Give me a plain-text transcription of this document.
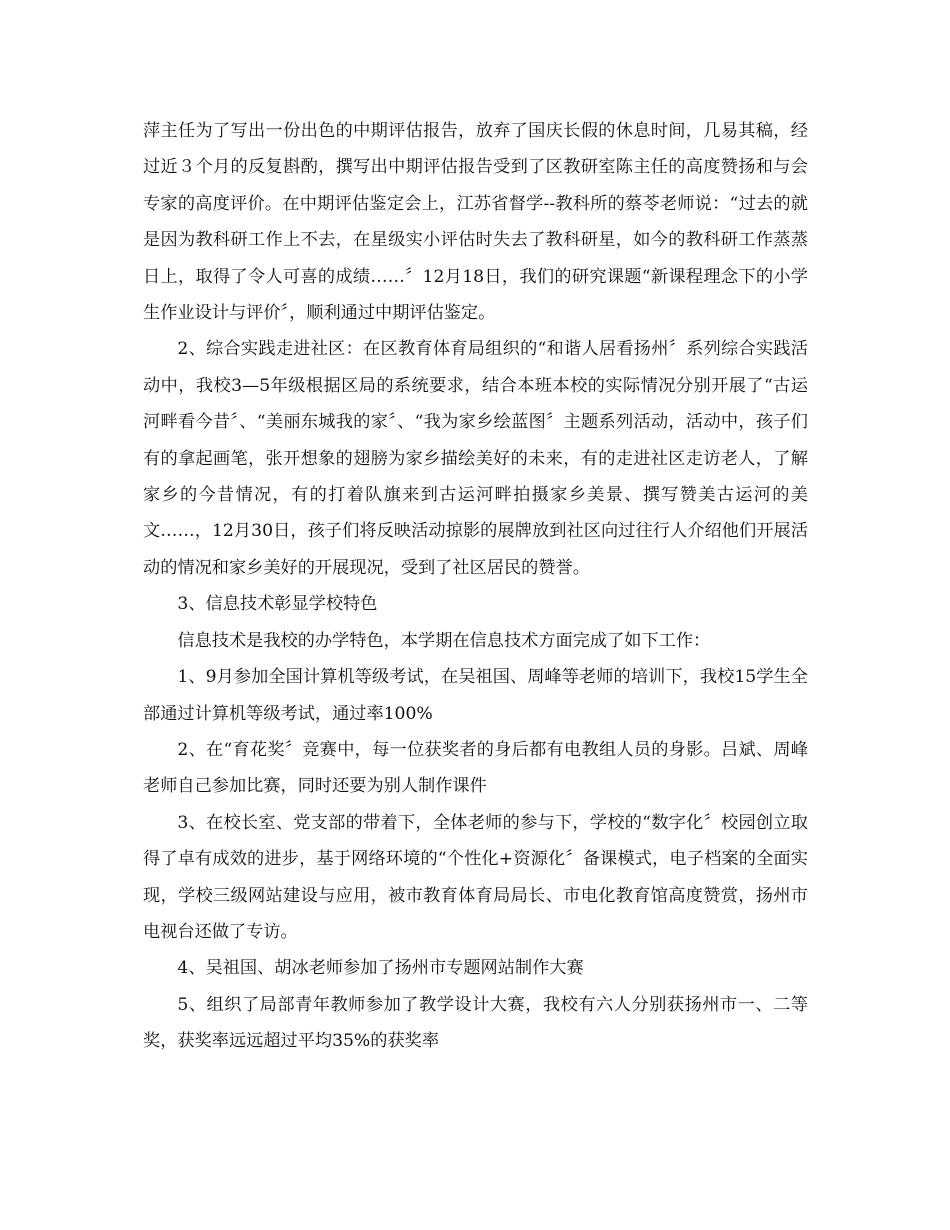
萍主任为了写出一份出色的中期评估报告，放弃了国庆长假的休息时间，几易其稿，经过近３个月的反复斟酌，撰写出中期评估报告受到了区教研室陈主任的高度赞扬和与会专家的高度评价。在中期评估鉴定会上，江苏省督学--教科所的蔡苓老师说：“过去的就是因为教科研工作上不去，在星级实小评估时失去了教科研星，如今的教科研工作蒸蒸日上，取得了令人可喜的成绩……〞12月18日，我们的研究课题“新课程理念下的小学生作业设计与评价〞，顺利通过中期评估鉴定。

2、综合实践走进社区：在区教育体育局组织的“和谐人居看扬州〞系列综合实践活动中，我校3—5年级根据区局的系统要求，结合本班本校的实际情况分别开展了“古运河畔看今昔〞、“美丽东城我的家〞、“我为家乡绘蓝图〞主题系列活动，活动中，孩子们有的拿起画笔，张开想象的翅膀为家乡描绘美好的未来，有的走进社区走访老人，了解家乡的今昔情况，有的打着队旗来到古运河畔拍摄家乡美景、撰写赞美古运河的美文……，12月30日，孩子们将反映活动掠影的展牌放到社区向过往行人介绍他们开展活动的情况和家乡美好的开展现况，受到了社区居民的赞誉。

3、信息技术彰显学校特色

信息技术是我校的办学特色，本学期在信息技术方面完成了如下工作：

1、9月参加全国计算机等级考试，在吴祖国、周峰等老师的培训下，我校15学生全部通过计算机等级考试，通过率100%

2、在“育花奖〞竞赛中，每一位获奖者的身后都有电教组人员的身影。吕斌、周峰老师自己参加比赛，同时还要为别人制作课件

3、在校长室、党支部的带着下，全体老师的参与下，学校的“数字化〞校园创立取得了卓有成效的进步，基于网络环境的“个性化+资源化〞备课模式，电子档案的全面实现，学校三级网站建设与应用，被市教育体育局局长、市电化教育馆高度赞赏，扬州市电视台还做了专访。

4、吴祖国、胡冰老师参加了扬州市专题网站制作大赛

5、组织了局部青年教师参加了教学设计大赛，我校有六人分别获扬州市一、二等奖，获奖率远远超过平均35%的获奖率
